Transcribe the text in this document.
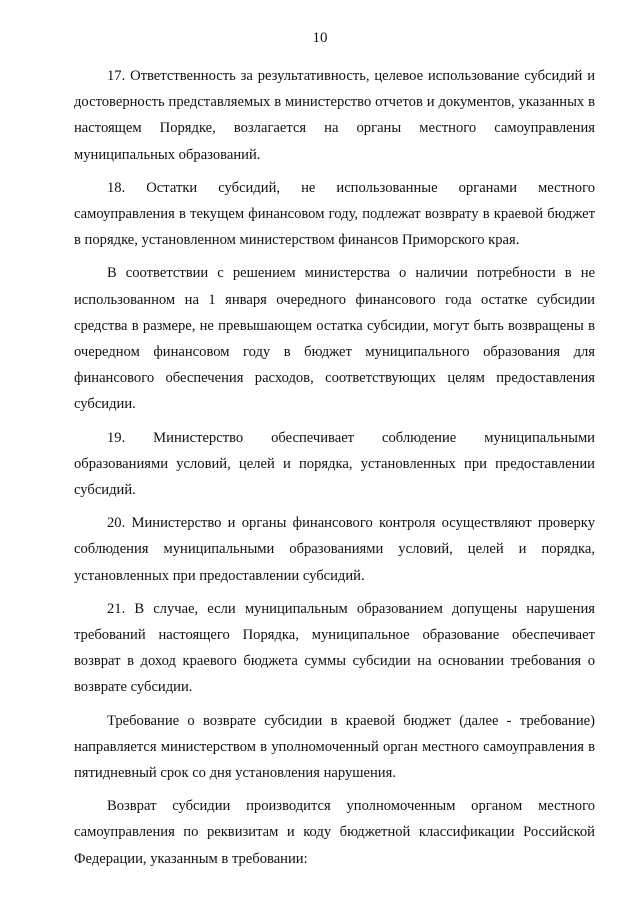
10

17. Ответственность за результативность, целевое использование субсидий и достоверность представляемых в министерство отчетов и документов, указанных в настоящем Порядке, возлагается на органы местного самоуправления муниципальных образований.

18. Остатки субсидий, не использованные органами местного самоуправления в текущем финансовом году, подлежат возврату в краевой бюджет в порядке, установленном министерством финансов Приморского края.

В соответствии с решением министерства о наличии потребности в не использованном на 1 января очередного финансового года остатке субсидии средства в размере, не превышающем остатка субсидии, могут быть возвращены в очередном финансовом году в бюджет муниципального образования для финансового обеспечения расходов, соответствующих целям предоставления субсидии.

19. Министерство обеспечивает соблюдение муниципальными образованиями условий, целей и порядка, установленных при предоставлении субсидий.

20. Министерство и органы финансового контроля осуществляют проверку соблюдения муниципальными образованиями условий, целей и порядка, установленных при предоставлении субсидий.

21. В случае, если муниципальным образованием допущены нарушения требований настоящего Порядка, муниципальное образование обеспечивает возврат в доход краевого бюджета суммы субсидии на основании требования о возврате субсидии.

Требование о возврате субсидии в краевой бюджет (далее - требование) направляется министерством в уполномоченный орган местного самоуправления в пятидневный срок со дня установления нарушения.

Возврат субсидии производится уполномоченным органом местного самоуправления по реквизитам и коду бюджетной классификации Российской Федерации, указанным в требовании:
